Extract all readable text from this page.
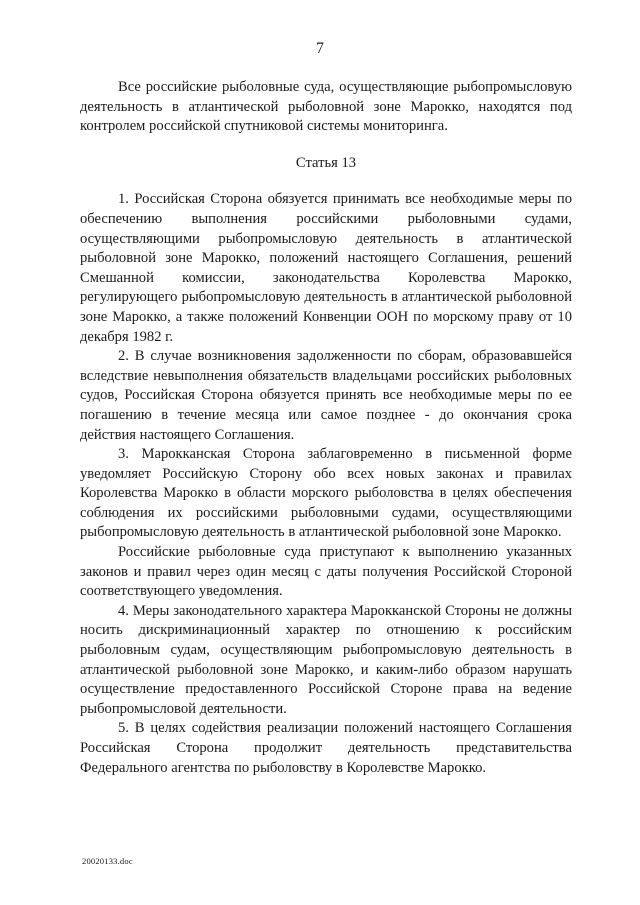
7

Все российские рыболовные суда, осуществляющие рыбопромысловую деятельность в атлантической рыболовной зоне Марокко, находятся под контролем российской спутниковой системы мониторинга.

Статья 13

1. Российская Сторона обязуется принимать все необходимые меры по обеспечению выполнения российскими рыболовными судами, осуществляющими рыбопромысловую деятельность в атлантической рыболовной зоне Марокко, положений настоящего Соглашения, решений Смешанной комиссии, законодательства Королевства Марокко, регулирующего рыбопромысловую деятельность в атлантической рыболовной зоне Марокко, а также положений Конвенции ООН по морскому праву от 10 декабря 1982 г.

2. В случае возникновения задолженности по сборам, образовавшейся вследствие невыполнения обязательств владельцами российских рыболовных судов, Российская Сторона обязуется принять все необходимые меры по ее погашению в течение месяца или самое позднее - до окончания срока действия настоящего Соглашения.

3. Марокканская Сторона заблаговременно в письменной форме уведомляет Российскую Сторону обо всех новых законах и правилах Королевства Марокко в области морского рыболовства в целях обеспечения соблюдения их российскими рыболовными судами, осуществляющими рыбопромысловую деятельность в атлантической рыболовной зоне Марокко.

Российские рыболовные суда приступают к выполнению указанных законов и правил через один месяц с даты получения Российской Стороной соответствующего уведомления.

4. Меры законодательного характера Марокканской Стороны не должны носить дискриминационный характер по отношению к российским рыболовным судам, осуществляющим рыбопромысловую деятельность в атлантической рыболовной зоне Марокко, и каким-либо образом нарушать осуществление предоставленного Российской Стороне права на ведение рыбопромысловой деятельности.

5. В целях содействия реализации положений настоящего Соглашения Российская Сторона продолжит деятельность представительства Федерального агентства по рыболовству в Королевстве Марокко.

20020133.doc
